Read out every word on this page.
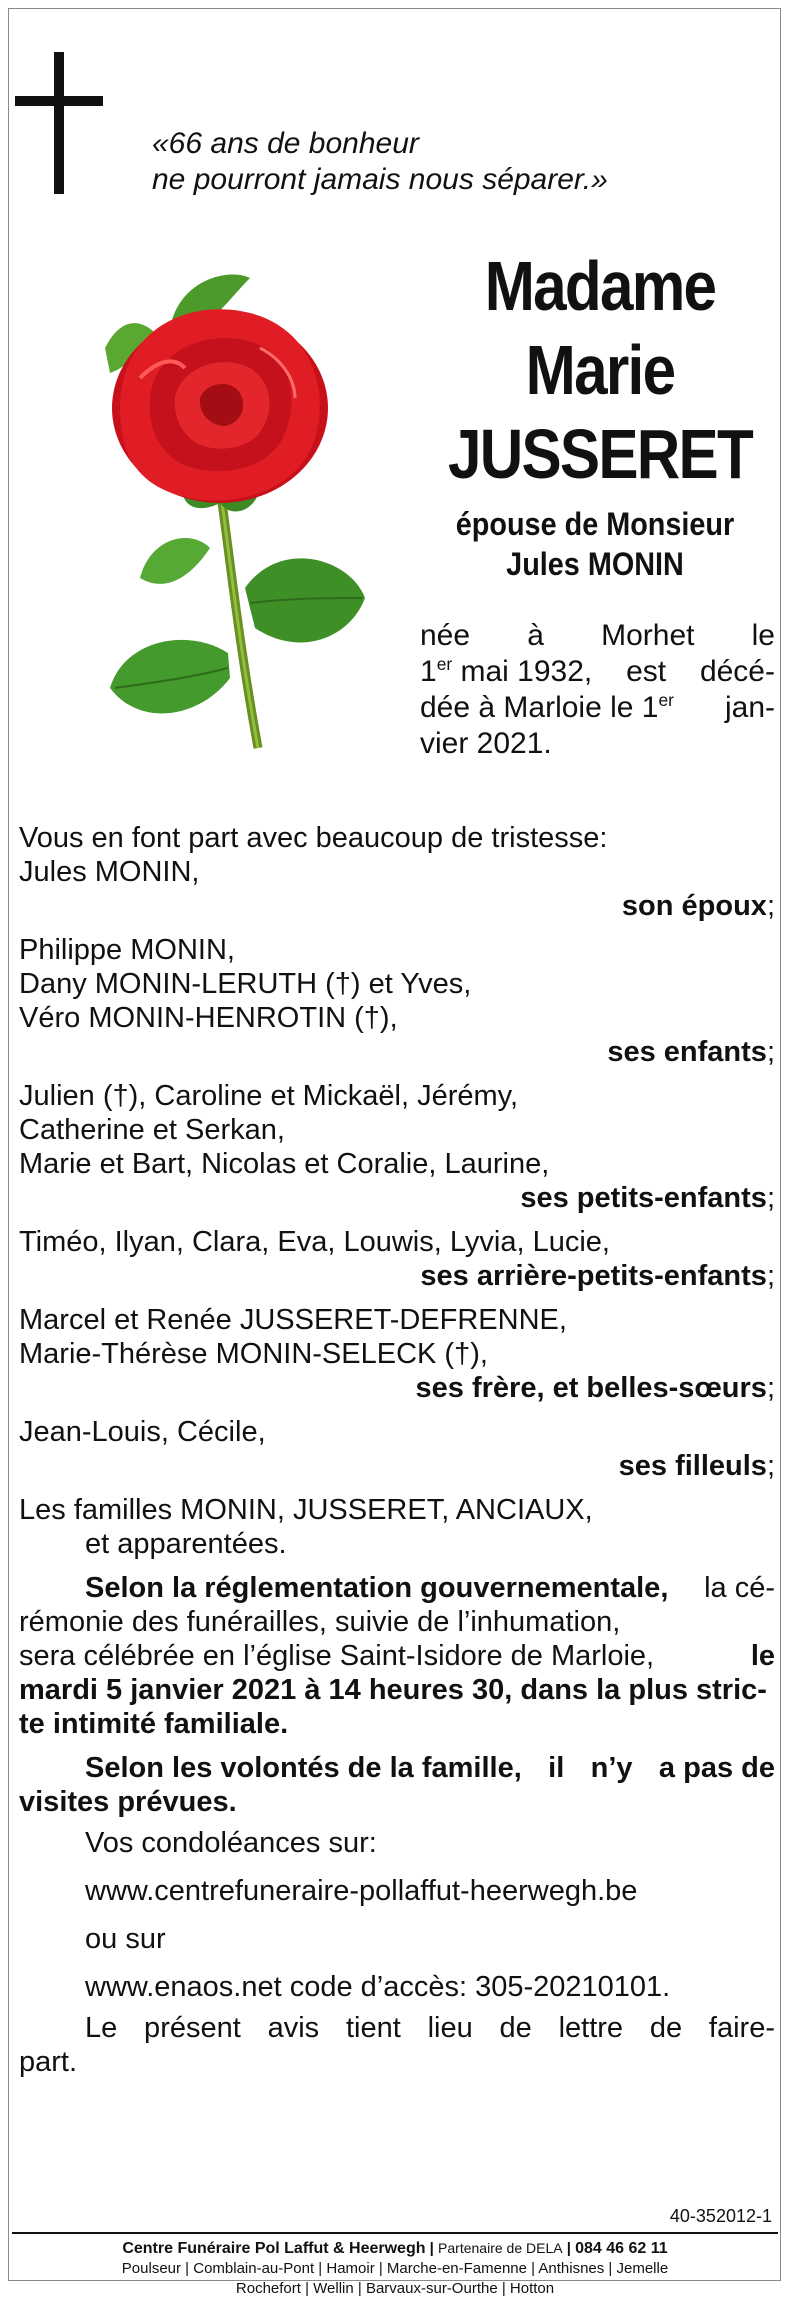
«66 ans de bonheur
ne pourront jamais nous séparer.»
Madame
Marie
JUSSERET
épouse de Monsieur
Jules MONIN
née à Morhet le
1er mai 1932, est décé-
dée à Marloie le 1er jan-
vier 2021.
Vous en font part avec beaucoup de tristesse:
Jules MONIN,
son époux;
Philippe MONIN,
Dany MONIN-LERUTH (†) et Yves,
Véro MONIN-HENROTIN (†),
ses enfants;
Julien (†), Caroline et Mickaël, Jérémy,
Catherine et Serkan,
Marie et Bart, Nicolas et Coralie, Laurine,
ses petits-enfants;
Timéo, Ilyan, Clara, Eva, Louwis, Lyvia, Lucie,
ses arrière-petits-enfants;
Marcel et Renée JUSSERET-DEFRENNE,
Marie-Thérèse MONIN-SELECK (†),
ses frère, et belles-sœurs;
Jean-Louis, Cécile,
ses filleuls;
Les familles MONIN, JUSSERET, ANCIAUX,
et apparentées.
Selon la réglementation gouvernementale, la cé-
rémonie des funérailles, suivie de l’inhumation,
sera célébrée en l’église Saint-Isidore de Marloie,	le
mardi 5 janvier 2021 à 14 heures 30, dans la plus stric-
te intimité familiale.
Selon les volontés de la famille, il n’y a pas de
visites prévues.
Vos condoléances sur:
www.centrefuneraire-pollaffut-heerwegh.be
ou sur
www.enaos.net code d’accès: 305-20210101.
Le présent avis tient lieu de lettre de faire-
part.
40-352012-1
Centre Funéraire Pol Laffut & Heerwegh | Partenaire de DELA | 084 46 62 11
Poulseur | Comblain-au-Pont | Hamoir | Marche-en-Famenne | Anthisnes | Jemelle
Rochefort | Wellin | Barvaux-sur-Ourthe | Hotton
